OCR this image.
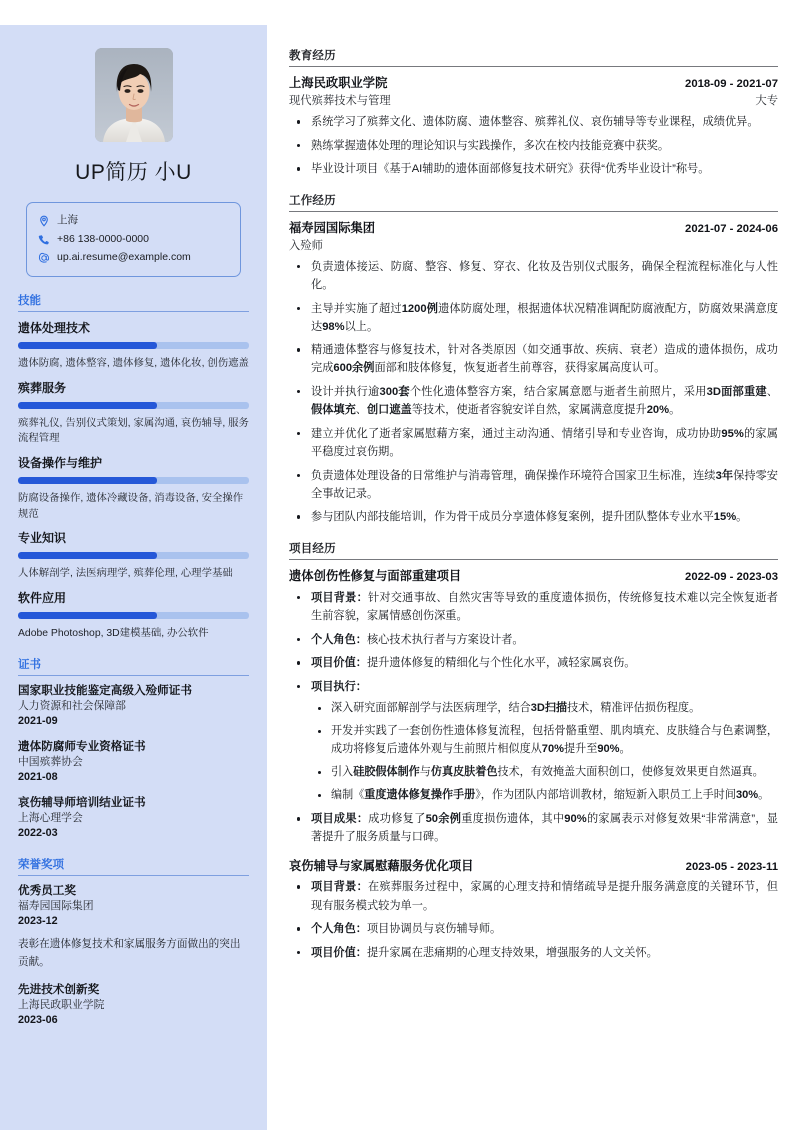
UP简历 小U
上海
+86 138-0000-0000
up.ai.resume@example.com
技能
遗体处理技术

遗体防腐, 遗体整容, 遗体修复, 遗体化妆, 创伤遮盖

殡葬服务

殡葬礼仪, 告别仪式策划, 家属沟通, 哀伤辅导, 服务流程管理

设备操作与维护

防腐设备操作, 遗体冷藏设备, 消毒设备, 安全操作规范

专业知识

人体解剖学, 法医病理学, 殡葬伦理, 心理学基础

软件应用

Adobe Photoshop, 3D建模基础, 办公软件

证书

国家职业技能鉴定高级入殓师证书

人力资源和社会保障部

2021-09

遗体防腐师专业资格证书

中国殡葬协会

2021-08

哀伤辅导师培训结业证书

上海心理学会

2022-03

荣誉奖项

优秀员工奖

福寿园国际集团

2023-12

表彰在遗体修复技术和家属服务方面做出的突出贡献。

先进技术创新奖

上海民政职业学院

2023-06

教育经历
上海民政职业学院	2018-09 - 2021-07
现代殡葬技术与管理	大专
系统学习了殡葬文化、遗体防腐、遗体整容、殡葬礼仪、哀伤辅导等专业课程，成绩优异。
熟练掌握遗体处理的理论知识与实践操作，多次在校内技能竞赛中获奖。
毕业设计项目《基于AI辅助的遗体面部修复技术研究》获得“优秀毕业设计”称号。
工作经历
福寿园国际集团	2021-07 - 2024-06
入殓师
负责遗体接运、防腐、整容、修复、穿衣、化妆及告别仪式服务，确保全程流程标准化与人性化。
主导并实施了超过1200例遗体防腐处理，根据遗体状况精准调配防腐液配方，防腐效果满意度达98%以上。
精通遗体整容与修复技术，针对各类原因（如交通事故、疾病、衰老）造成的遗体损伤，成功完成600余例面部和肢体修复，恢复逝者生前尊容，获得家属高度认可。
设计并执行逾300套个性化遗体整容方案，结合家属意愿与逝者生前照片，采用3D面部重建、假体填充、创口遮盖等技术，使逝者容貌安详自然，家属满意度提升20%。
建立并优化了逝者家属慰藉方案，通过主动沟通、情绪引导和专业咨询，成功协助95%的家属平稳度过哀伤期。
负责遗体处理设备的日常维护与消毒管理，确保操作环境符合国家卫生标准，连续3年保持零安全事故记录。
参与团队内部技能培训，作为骨干成员分享遗体修复案例，提升团队整体专业水平15%。
项目经历
遗体创伤性修复与面部重建项目	2022-09 - 2023-03
项目背景：针对交通事故、自然灾害等导致的重度遗体损伤，传统修复技术难以完全恢复逝者生前容貌，家属情感创伤深重。
个人角色：核心技术执行者与方案设计者。
项目价值：提升遗体修复的精细化与个性化水平，减轻家属哀伤。
项目执行：
深入研究面部解剖学与法医病理学，结合3D扫描技术，精准评估损伤程度。
开发并实践了一套创伤性遗体修复流程，包括骨骼重塑、肌肉填充、皮肤缝合与色素调整，成功将修复后遗体外观与生前照片相似度从70%提升至90%。
引入硅胶假体制作与仿真皮肤着色技术，有效掩盖大面积创口，使修复效果更自然逼真。
编制《重度遗体修复操作手册》，作为团队内部培训教材，缩短新入职员工上手时间30%。
项目成果：成功修复了50余例重度损伤遗体，其中90%的家属表示对修复效果“非常满意”，显著提升了服务质量与口碑。
哀伤辅导与家属慰藉服务优化项目	2023-05 - 2023-11
项目背景：在殡葬服务过程中，家属的心理支持和情绪疏导是提升服务满意度的关键环节，但现有服务模式较为单一。
个人角色：项目协调员与哀伤辅导师。
项目价值：提升家属在悲痛期的心理支持效果，增强服务的人文关怀。
